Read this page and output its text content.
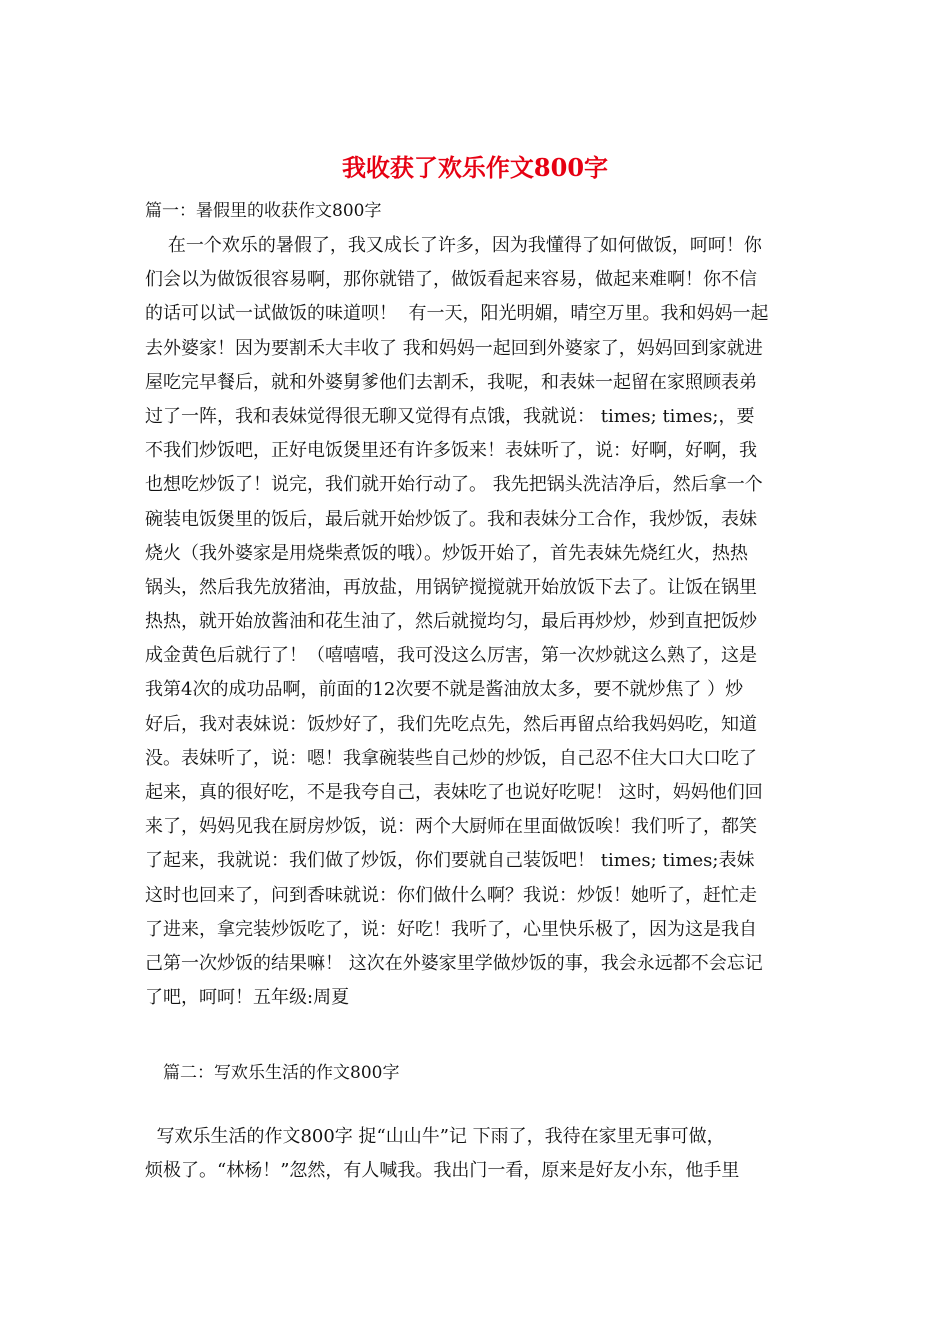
我收获了欢乐作文800字
篇一：暑假里的收获作文800字
在一个欢乐的暑假了，我又成长了许多，因为我懂得了如何做饭，呵呵！你
们会以为做饭很容易啊，那你就错了，做饭看起来容易，做起来难啊！你不信
的话可以试一试做饭的味道呗！  有一天，阳光明媚，晴空万里。我和妈妈一起
去外婆家！因为要割禾大丰收了 我和妈妈一起回到外婆家了，妈妈回到家就进
屋吃完早餐后，就和外婆舅爹他们去割禾，我呢，和表妹一起留在家照顾表弟
过了一阵，我和表妹觉得很无聊又觉得有点饿，我就说： times; times;，要
不我们炒饭吧，正好电饭煲里还有许多饭来！表妹听了，说：好啊，好啊，我
也想吃炒饭了！说完，我们就开始行动了。 我先把锅头洗洁净后，然后拿一个
碗装电饭煲里的饭后，最后就开始炒饭了。我和表妹分工合作，我炒饭，表妹
烧火（我外婆家是用烧柴煮饭的哦）。炒饭开始了，首先表妹先烧红火，热热
锅头，然后我先放猪油，再放盐，用锅铲搅搅就开始放饭下去了。让饭在锅里
热热，就开始放酱油和花生油了，然后就搅均匀，最后再炒炒，炒到直把饭炒
成金黄色后就行了！（嘻嘻嘻，我可没这么厉害，第一次炒就这么熟了，这是
我第4次的成功品啊，前面的12次要不就是酱油放太多，要不就炒焦了 ）炒
好后，我对表妹说：饭炒好了，我们先吃点先，然后再留点给我妈妈吃，知道
没。表妹听了，说：嗯！我拿碗装些自己炒的炒饭，自己忍不住大口大口吃了
起来，真的很好吃，不是我夸自己，表妹吃了也说好吃呢！ 这时，妈妈他们回
来了，妈妈见我在厨房炒饭，说：两个大厨师在里面做饭唉！我们听了，都笑
了起来，我就说：我们做了炒饭，你们要就自己装饭吧！ times; times;表妹
这时也回来了，问到香味就说：你们做什么啊？我说：炒饭！她听了，赶忙走
了进来，拿完装炒饭吃了，说：好吃！我听了，心里快乐极了，因为这是我自
己第一次炒饭的结果嘛！ 这次在外婆家里学做炒饭的事，我会永远都不会忘记
了吧，呵呵！五年级:周夏
篇二：写欢乐生活的作文800字
写欢乐生活的作文800字 捉“山山牛”记 下雨了，我待在家里无事可做，
烦极了。“林杨！”忽然，有人喊我。我出门一看，原来是好友小东，他手里
